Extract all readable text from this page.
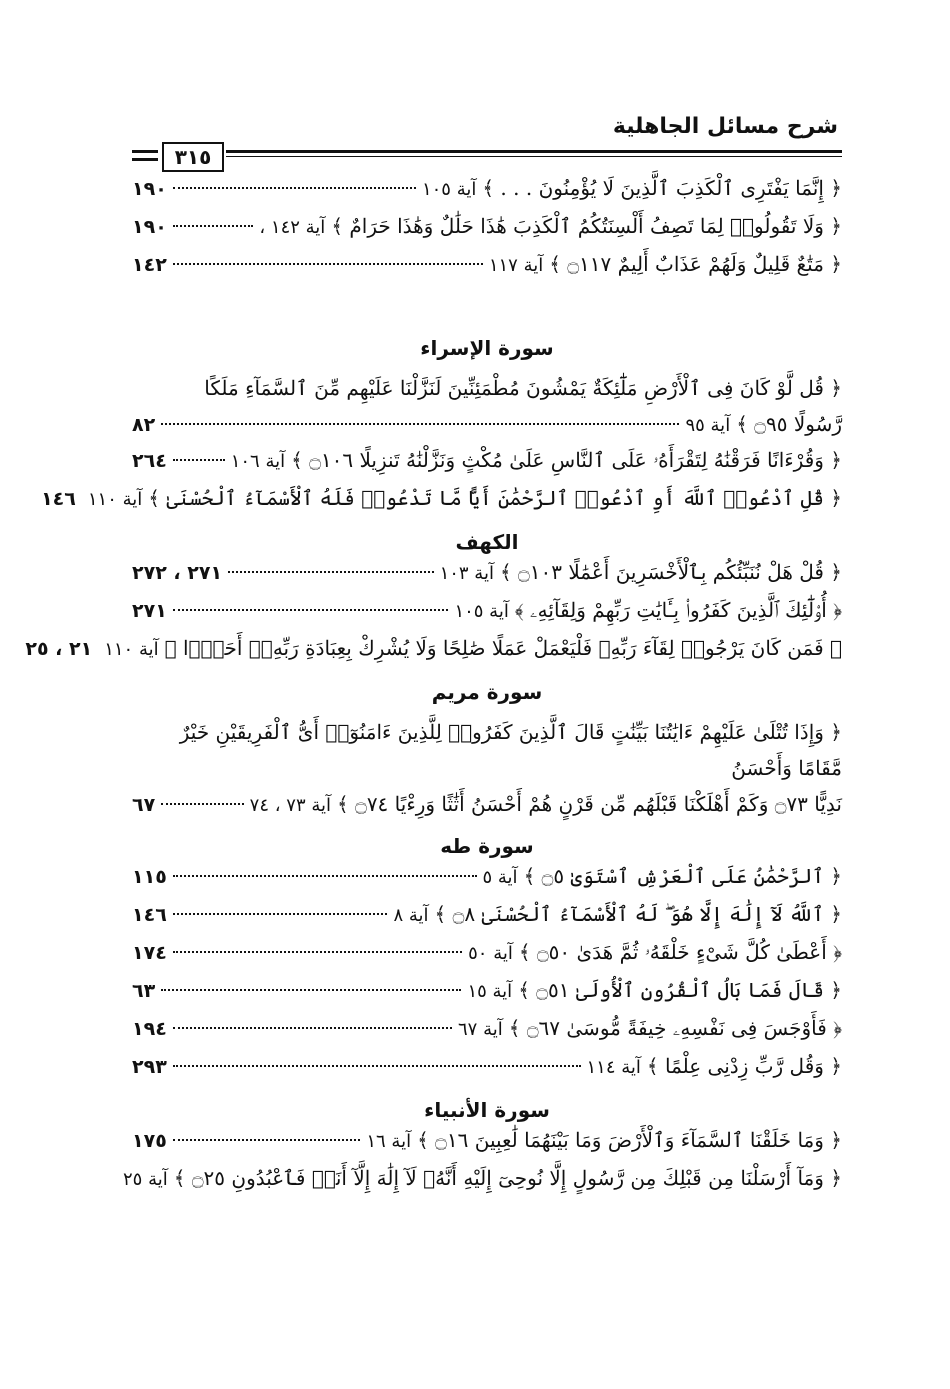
شرح مسائل الجاهلية
٣١٥
﴿ إِنَّمَا يَفْتَرِى ٱلْكَذِبَ ٱلَّذِينَ لَا يُؤْمِنُونَ . . . ﴾
آية ١٠٥
١٩٠
﴿ وَلَا تَقُولُوا۟ لِمَا تَصِفُ أَلْسِنَتُكُمُ ٱلْكَذِبَ هَٰذَا حَلَٰلٌ وَهَٰذَا حَرَامٌ ﴾
آية ١٤٢ ،
١٩٠
﴿ مَتَٰعٌ قَلِيلٌ وَلَهُمْ عَذَابٌ أَلِيمٌ ۝١١٧ ﴾
آية ١١٧
١٤٢
سورة الإسراء
﴿ قُل لَّوْ كَانَ فِى ٱلْأَرْضِ مَلَٰٓئِكَةٌ يَمْشُونَ مُطْمَئِنِّينَ لَنَزَّلْنَا عَلَيْهِم مِّنَ ٱلسَّمَآءِ مَلَكًا
رَّسُولًا ۝٩٥ ﴾
آية ٩٥
٨٢
﴿ وَقُرْءَانًا فَرَقْنَٰهُ لِتَقْرَأَهُۥ عَلَى ٱلنَّاسِ عَلَىٰ مُكْثٍ وَنَزَّلْنَٰهُ تَنزِيلًا ۝١٠٦ ﴾
آية ١٠٦
٢٦٤
﴿ قُلِ ٱدْعُوا۟ ٱللَّهَ أَوِ ٱدْعُوا۟ ٱلرَّحْمَٰنَ أَيًّا مَّا تَدْعُوا۟ فَلَهُ ٱلْأَسْمَآءُ ٱلْحُسْنَىٰ ﴾
آية ١١٠
١٤٦
الكهف
﴿ قُلْ هَلْ نُنَبِّئُكُم بِٱلْأَخْسَرِينَ أَعْمَٰلًا ۝١٠٣ ﴾
آية ١٠٣
٢٧١ ، ٢٧٢
﴿ أُو۟لَٰٓئِكَ ٱلَّذِينَ كَفَرُوا۟ بِـَٔايَٰتِ رَبِّهِمْ وَلِقَآئِهِۦ ﴾
آية ١٠٥
٢٧١
﴿ فَمَن كَانَ يَرْجُوا۟ لِقَآءَ رَبِّهِۦ فَلْيَعْمَلْ عَمَلًا صَٰلِحًا وَلَا يُشْرِكْ بِعِبَادَةِ رَبِّهِۦٓ أَحَدًۢا ﴾
آية ١١٠
٢١ ، ٢٥
سورة مريم
﴿ وَإِذَا تُتْلَىٰ عَلَيْهِمْ ءَايَٰتُنَا بَيِّنَٰتٍ قَالَ ٱلَّذِينَ كَفَرُوا۟ لِلَّذِينَ ءَامَنُوٓا۟ أَىُّ ٱلْفَرِيقَيْنِ خَيْرٌ مَّقَامًا وَأَحْسَنُ
نَدِيًّا ۝٧٣ وَكَمْ أَهْلَكْنَا قَبْلَهُم مِّن قَرْنٍ هُمْ أَحْسَنُ أَثَٰثًا وَرِءْيًا ۝٧٤ ﴾
آية ٧٣ ، ٧٤
٦٧
سورة طه
﴿ ٱلرَّحْمَٰنُ عَلَى ٱلْعَرْشِ ٱسْتَوَىٰ ۝٥ ﴾
آية ٥
١١٥
﴿ ٱللَّهُ لَآ إِلَٰهَ إِلَّا هُوَ ۖ لَهُ ٱلْأَسْمَآءُ ٱلْحُسْنَىٰ ۝٨ ﴾
آية ٨
١٤٦
﴿ أَعْطَىٰ كُلَّ شَىْءٍ خَلْقَهُۥ ثُمَّ هَدَىٰ ۝٥٠ ﴾
آية ٥٠
١٧٤
﴿ قَالَ فَمَا بَالُ ٱلْقُرُونِ ٱلْأُولَىٰ ۝٥١ ﴾
آية ١٥
٦٣
﴿ فَأَوْجَسَ فِى نَفْسِهِۦ خِيفَةً مُّوسَىٰ ۝٦٧ ﴾
آية ٦٧
١٩٤
﴿ وَقُل رَّبِّ زِدْنِى عِلْمًا ﴾
آية ١١٤
٢٩٣
سورة الأنبياء
﴿ وَمَا خَلَقْنَا ٱلسَّمَآءَ وَٱلْأَرْضَ وَمَا بَيْنَهُمَا لَٰعِبِينَ ۝١٦ ﴾
آية ١٦
١٧٥
﴿ وَمَآ أَرْسَلْنَا مِن قَبْلِكَ مِن رَّسُولٍ إِلَّا نُوحِىٓ إِلَيْهِ أَنَّهُۥ لَآ إِلَٰهَ إِلَّآ أَنَا۠ فَٱعْبُدُونِ ۝٢٥ ﴾
آية ٢٥
